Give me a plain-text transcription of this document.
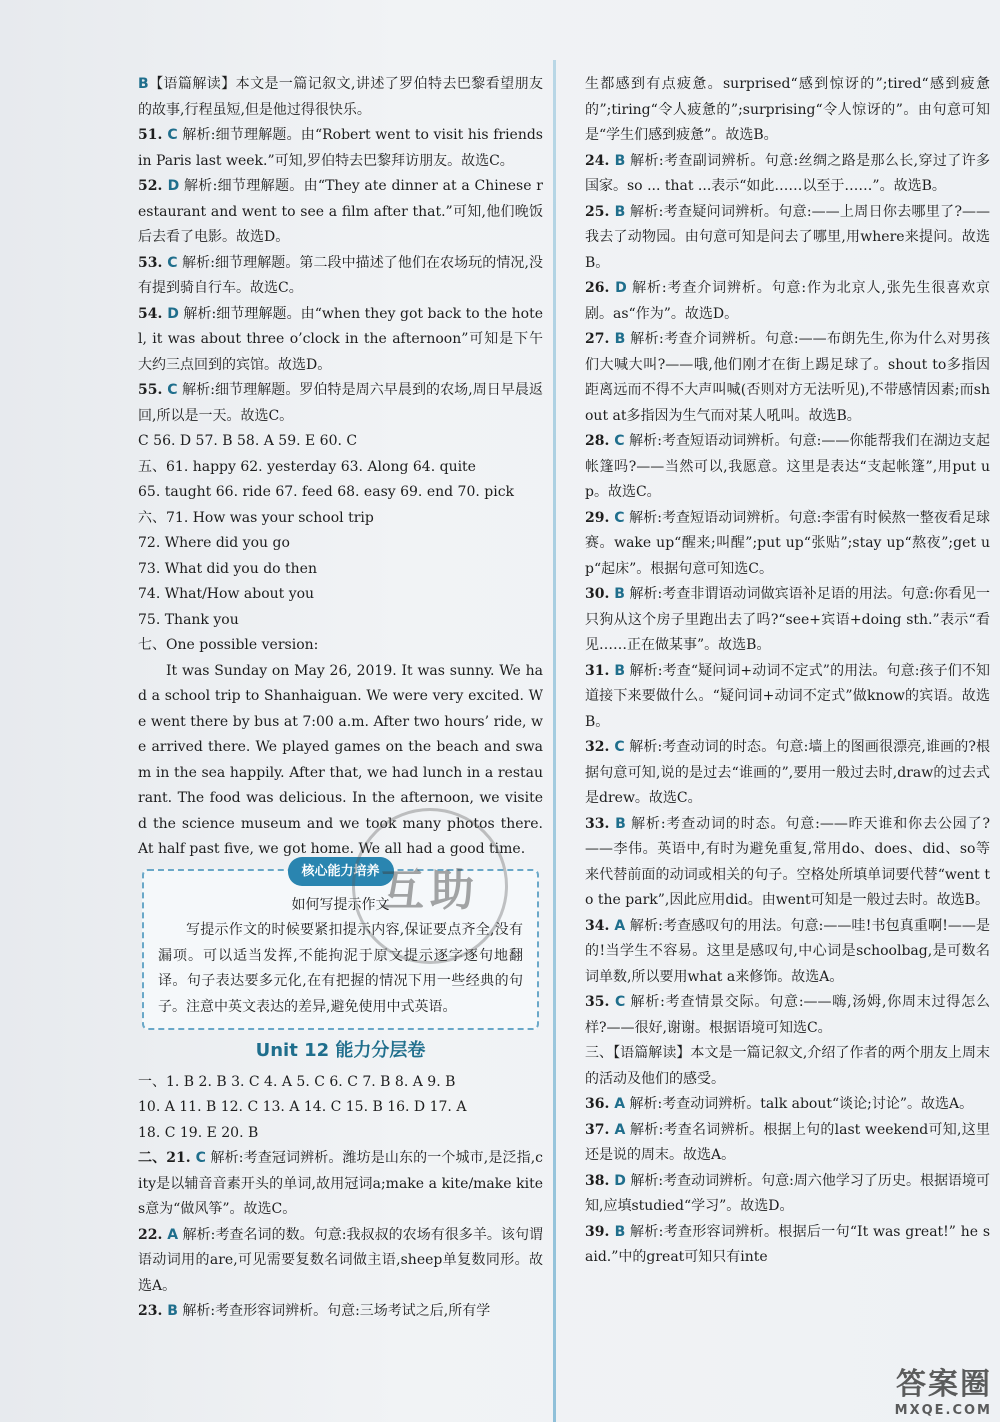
B【语篇解读】本文是一篇记叙文,讲述了罗伯特去巴黎看望朋友的故事,行程虽短,但是他过得很快乐。

51. C 解析:细节理解题。由“Robert went to visit his friends in Paris last week.”可知,罗伯特去巴黎拜访朋友。故选C。

52. D 解析:细节理解题。由“They ate dinner at a Chinese restaurant and went to see a film after that.”可知,他们晚饭后去看了电影。故选D。

53. C 解析:细节理解题。第二段中描述了他们在农场玩的情况,没有提到骑自行车。故选C。

54. D 解析:细节理解题。由“when they got back to the hotel, it was about three o’clock in the afternoon”可知是下午大约三点回到的宾馆。故选D。

55. C 解析:细节理解题。罗伯特是周六早晨到的农场,周日早晨返回,所以是一天。故选C。

C 56. D 57. B 58. A 59. E 60. C

五、61. happy 62. yesterday 63. Along 64. quite

65. taught 66. ride 67. feed 68. easy 69. end 70. pick

六、71. How was your school trip

72. Where did you go

73. What did you do then

74. What/How about you

75. Thank you

七、One possible version:

It was Sunday on May 26, 2019. It was sunny. We had a school trip to Shanhaiguan. We were very excited. We went there by bus at 7:00 a.m. After two hours’ ride, we arrived there. We played games on the beach and swam in the sea happily. After that, we had lunch in a restaurant. The food was delicious. In the afternoon, we visited the science museum and we took many photos there. At half past five, we got home. We all had a good time.

核心能力培养

如何写提示作文

写提示作文的时候要紧扣提示内容,保证要点齐全,没有漏项。可以适当发挥,不能拘泥于原文提示逐字逐句地翻译。句子表达要多元化,在有把握的情况下用一些经典的句子。注意中英文表达的差异,避免使用中式英语。

Unit 12 能力分层卷

一、1. B 2. B 3. C 4. A 5. C 6. C 7. B 8. A 9. B

10. A 11. B 12. C 13. A 14. C 15. B 16. D 17. A

18. C 19. E 20. B

二、21. C 解析:考查冠词辨析。潍坊是山东的一个城市,是泛指,city是以辅音音素开头的单词,故用冠词a;make a kite/make kites意为“做风筝”。故选C。

22. A 解析:考查名词的数。句意:我叔叔的农场有很多羊。该句谓语动词用的are,可见需要复数名词做主语,sheep单复数同形。故选A。

23. B 解析:考查形容词辨析。句意:三场考试之后,所有学

生都感到有点疲惫。surprised“感到惊讶的”;tired“感到疲惫的”;tiring“令人疲惫的”;surprising“令人惊讶的”。由句意可知是“学生们感到疲惫”。故选B。

24. B 解析:考查副词辨析。句意:丝绸之路是那么长,穿过了许多国家。so ... that ...表示“如此……以至于……”。故选B。

25. B 解析:考查疑问词辨析。句意:——上周日你去哪里了?——我去了动物园。由句意可知是问去了哪里,用where来提问。故选B。

26. D 解析:考查介词辨析。句意:作为北京人,张先生很喜欢京剧。as“作为”。故选D。

27. B 解析:考查介词辨析。句意:——布朗先生,你为什么对男孩们大喊大叫?——哦,他们刚才在街上踢足球了。shout to多指因距离远而不得不大声叫喊(否则对方无法听见),不带感情因素;而shout at多指因为生气而对某人吼叫。故选B。

28. C 解析:考查短语动词辨析。句意:——你能帮我们在湖边支起帐篷吗?——当然可以,我愿意。这里是表达“支起帐篷”,用put up。故选C。

29. C 解析:考查短语动词辨析。句意:李雷有时候熬一整夜看足球赛。wake up“醒来;叫醒”;put up“张贴”;stay up“熬夜”;get up“起床”。根据句意可知选C。

30. B 解析:考查非谓语动词做宾语补足语的用法。句意:你看见一只狗从这个房子里跑出去了吗?“see+宾语+doing sth.”表示“看见……正在做某事”。故选B。

31. B 解析:考查“疑问词+动词不定式”的用法。句意:孩子们不知道接下来要做什么。“疑问词+动词不定式”做know的宾语。故选B。

32. C 解析:考查动词的时态。句意:墙上的图画很漂亮,谁画的?根据句意可知,说的是过去“谁画的”,要用一般过去时,draw的过去式是drew。故选C。

33. B 解析:考查动词的时态。句意:——昨天谁和你去公园了?——李伟。英语中,有时为避免重复,常用do、does、did、so等来代替前面的动词或相关的句子。空格处所填单词要代替“went to the park”,因此应用did。由went可知是一般过去时。故选B。

34. A 解析:考查感叹句的用法。句意:——哇!书包真重啊!——是的!当学生不容易。这里是感叹句,中心词是schoolbag,是可数名词单数,所以要用what a来修饰。故选A。

35. C 解析:考查情景交际。句意:——嗨,汤姆,你周末过得怎么样?——很好,谢谢。根据语境可知选C。

三、【语篇解读】本文是一篇记叙文,介绍了作者的两个朋友上周末的活动及他们的感受。

36. A 解析:考查动词辨析。talk about“谈论;讨论”。故选A。

37. A 解析:考查名词辨析。根据上句的last weekend可知,这里还是说的周末。故选A。

38. D 解析:考查动词辨析。句意:周六他学习了历史。根据语境可知,应填studied“学习”。故选D。

39. B 解析:考查形容词辨析。根据后一句“It was great!” he said.”中的great可知只有inte

互助
答案圈
MXQE.COM
